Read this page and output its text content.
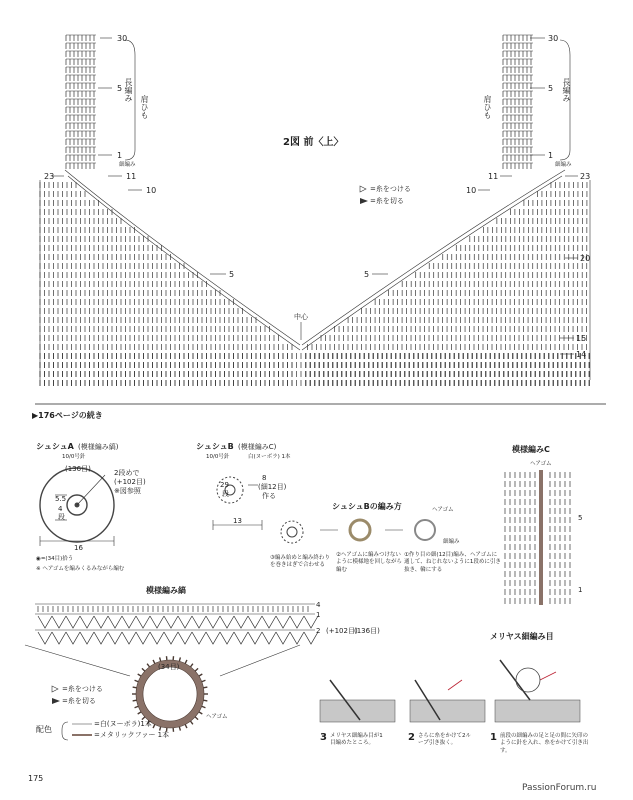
30
5
1
細編み
23	11
10
5
肩ひも
長編み
30
5
1
細編み
23
11
10
5
20
15
14
肩ひも
長編み
2図 前〈上〉
=糸をつける
=糸を切る
中心
▶176ページの続き
シュシュA (模様編み縞)
10/0号針
(136目)	2段めで
(+102目)
※図参照
5.5
4
段
16
◉=(34目)拾う
※ ヘアゴムを編みくるみながら編む
シュシュB (模様編みC)
10/0号針	白(ヌーボラ) 1本
29
段
8
(細12目)
作る
13
シュシュBの編み方	ヘアゴム
細編み
①作り目の細(12目)編み、ヘアゴムに通して、ねじれないように1段めに引き抜き、輪にする
②ヘアゴムに編みつけないように模様地を回しながら編む
③編み始めと編み終わりを巻きはぎで合わせる
模様編みC
ヘアゴム
5
1
模様編み縞
4
1
2 (+102目)
(136目)
(34目)
ヘアゴム
=糸をつける
=糸を切る
配色
=白(ヌーボラ)1本
=メタリックファー 1本
メリヤス細編み目
3 メリヤス細編み目が1目編めたところ。
2 さらに糸をかけて2ループ引き抜く。
1 前段の細編みの足と足の間に矢印の ように針を入れ、糸をかけて引き出す。
175
PassionForum.ru
